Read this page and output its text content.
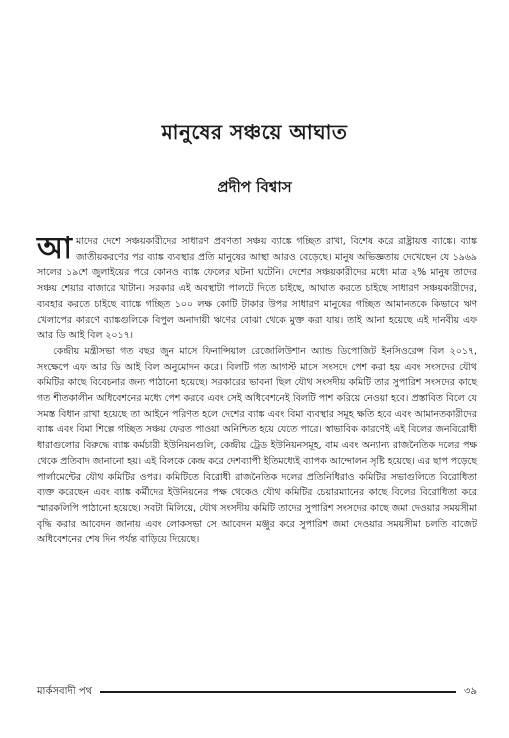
মানুষের সঞ্চয়ে আঘাত
প্রদীপ বিশ্বাস

আমাদের দেশে সঞ্চয়কারীদের সাধারণ প্রবণতা সঞ্চয় ব্যাঙ্কে গচ্ছিত রাখা, বিশেষ করে রাষ্ট্রায়ত্ত ব্যাঙ্কে। ব্যাঙ্ক জাতীয়করণের পর ব্যাঙ্ক ব্যবস্থার প্রতি মানুষের আস্থা আরও বেড়েছে। মানুষ অভিজ্ঞতায় দেখেছেন যে ১৯৬৯ সালের ১৯শে জুলাইয়ের পরে কোনও ব্যাঙ্ক ফেলের ঘটনা ঘটেনি। দেশের সঞ্চয়কারীদের মধ্যে মাত্র ২% মানুষ তাদের সঞ্চয় শেয়ার বাজারে খাটান। সরকার এই অবস্থাটা পালটে দিতে চাইছে, আঘাত করতে চাইছে সাধারণ সঞ্চয়কারীদের, ব্যবহার করতে চাইছে ব্যাঙ্কে গচ্ছিত ১০০ লক্ষ কোটি টাকার উপর সাধারণ মানুষের গচ্ছিত আমানতকে কিভাবে ঋণ খেলাপের কারণে ব্যাঙ্কগুলিকে বিপুল অনাদায়ী ঋণের বোঝা থেকে মুক্ত করা যায়। তাই আনা হয়েছে এই দানবীয় এফ আর ডি আই বিল ২০১৭।

কেন্দ্রীয় মন্ত্রীসভা গত বছর জুন মাসে ফিনান্সিয়াল রেজোলিউশান অ্যান্ড ডিপোজিট ইনসিওরেন্স বিল ২০১৭, সংক্ষেপে এফ আর ডি আই বিল অনুমোদন করে। বিলটি গত আগস্ট মাসে সংসদে পেশ করা হয় এবং সংসদের যৌথ কমিটির কাছে বিবেচনার জন্য পাঠানো হয়েছে। সরকারের ভাবনা ছিল যৌথ সংসদীয় কমিটি তার সুপারিশ সংসদের কাছে গত শীতকালীন অধিবেশনের মধ্যে পেশ করবে এবং সেই অধিবেশনেই বিলটি পাশ করিয়ে নেওয়া হবে। প্রস্তাবিত বিলে যে সমস্ত বিধান রাখা হয়েছে তা আইনে পরিণত হলে দেশের ব্যাঙ্ক এবং বিমা ব্যবস্থার সমূহ ক্ষতি হবে এবং আমানতকারীদের ব্যাঙ্ক এবং বিমা শিল্পে গচ্ছিত সঞ্চয় ফেরত পাওয়া অনিশ্চিত হয়ে যেতে পারে। স্বাভাবিক কারণেই এই বিলের জনবিরোধী ধারাগুলোর বিরুদ্ধে ব্যাঙ্ক কর্মচারী ইউনিয়নগুলি, কেন্দ্রীয় ট্রেড ইউনিয়নসমূহ, বাম এবং অন্যান্য রাজনৈতিক দলের পক্ষ থেকে প্রতিবাদ জানানো হয়। এই বিলকে কেন্দ্র করে দেশব্যাপী ইতিমধ্যেই ব্যাপক আন্দোলন সৃষ্টি হয়েছে। এর ছাপ পড়েছে পার্লামেন্টের যৌথ কমিটির ওপর। কমিটিতে বিরোধী রাজনৈতিক দলের প্রতিনিধিরাও কমিটির সভাগুলিতে বিরোধিতা ব্যক্ত করেছেন এবং ব্যাঙ্ক কর্মীদের ইউনিয়নের পক্ষ থেকেও যৌথ কমিটির চেয়ারম্যানের কাছে বিলের বিরোধিতা করে স্মারকলিপি পাঠানো হয়েছে। সবটা মিলিয়ে, যৌথ সংসদীয় কমিটি তাদের সুপারিশ সংসদের কাছে জমা দেওয়ার সময়সীমা বৃদ্ধি করার আবেদন জানায় এবং লোকসভা সে আবেদন মঞ্জুর করে সুপারিশ জমা দেওয়ার সময়সীমা চলতি বাজেট অধিবেশনের শেষ দিন পর্যন্ত বাড়িয়ে দিয়েছে।

মার্কসবাদী পথ	৩৯
